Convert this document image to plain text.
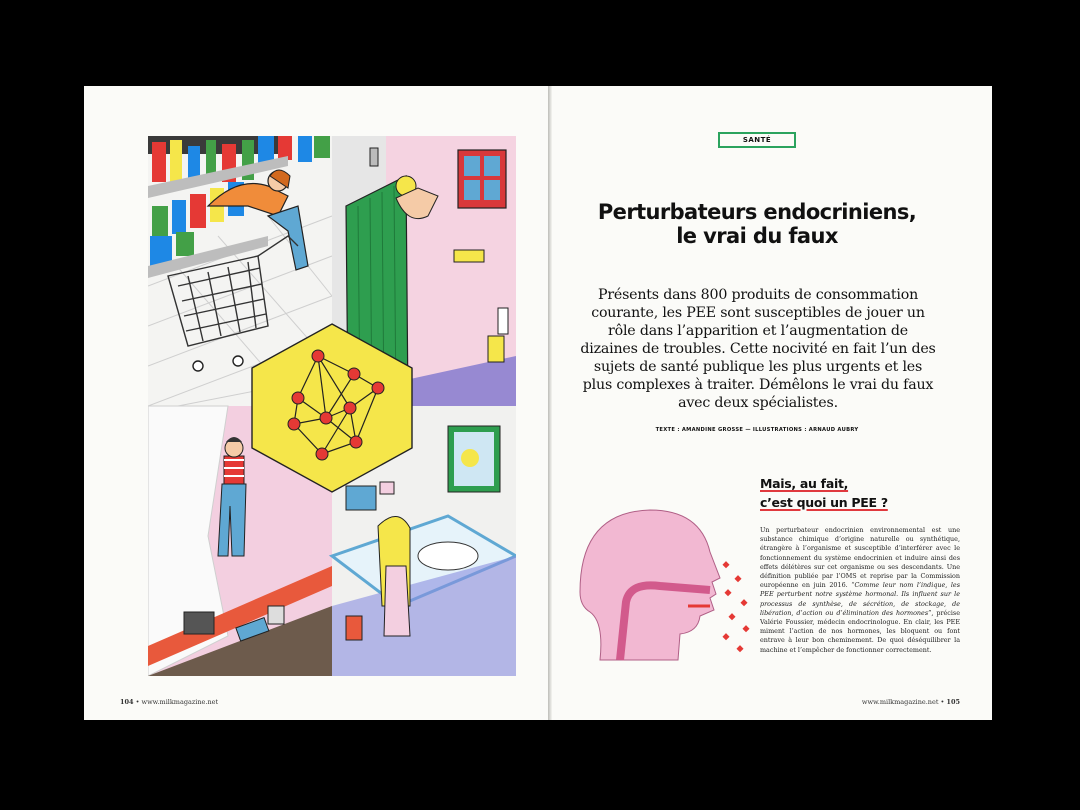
104 • www.milkmagazine.net
SANTÉ
Perturbateurs endocriniens,
le vrai du faux
Présents dans 800 produits de consommation courante, les PEE sont susceptibles de jouer un rôle dans l’apparition et l’augmentation de dizaines de troubles. Cette nocivité en fait l’un des sujets de santé publique les plus urgents et les plus complexes à traiter. Démêlons le vrai du faux avec deux spécialistes.
TEXTE : AMANDINE GROSSE — ILLUSTRATIONS : ARNAUD AUBRY
Mais, au fait,
c’est quoi un PEE ?
Un perturbateur endocrinien environnemental est une substance chimique d’origine naturelle ou synthétique, étrangère à l’organisme et susceptible d’interférer avec le fonctionnement du système endocrinien et induire ainsi des effets délétères sur cet organisme ou ses descendants. Une définition publiée par l’OMS et reprise par la Commission européenne en juin 2016. “Comme leur nom l’indique, les PEE perturbent notre système hormonal. Ils influent sur le processus de synthèse, de sécrétion, de stockage, de libération, d’action ou d’élimination des hormones”, précise Valérie Foussier, médecin endocrinologue. En clair, les PEE miment l’action de nos hormones, les bloquent ou font entrave à leur bon cheminement. De quoi déséquilibrer la machine et l’empêcher de fonctionner correctement.
www.milkmagazine.net • 105
